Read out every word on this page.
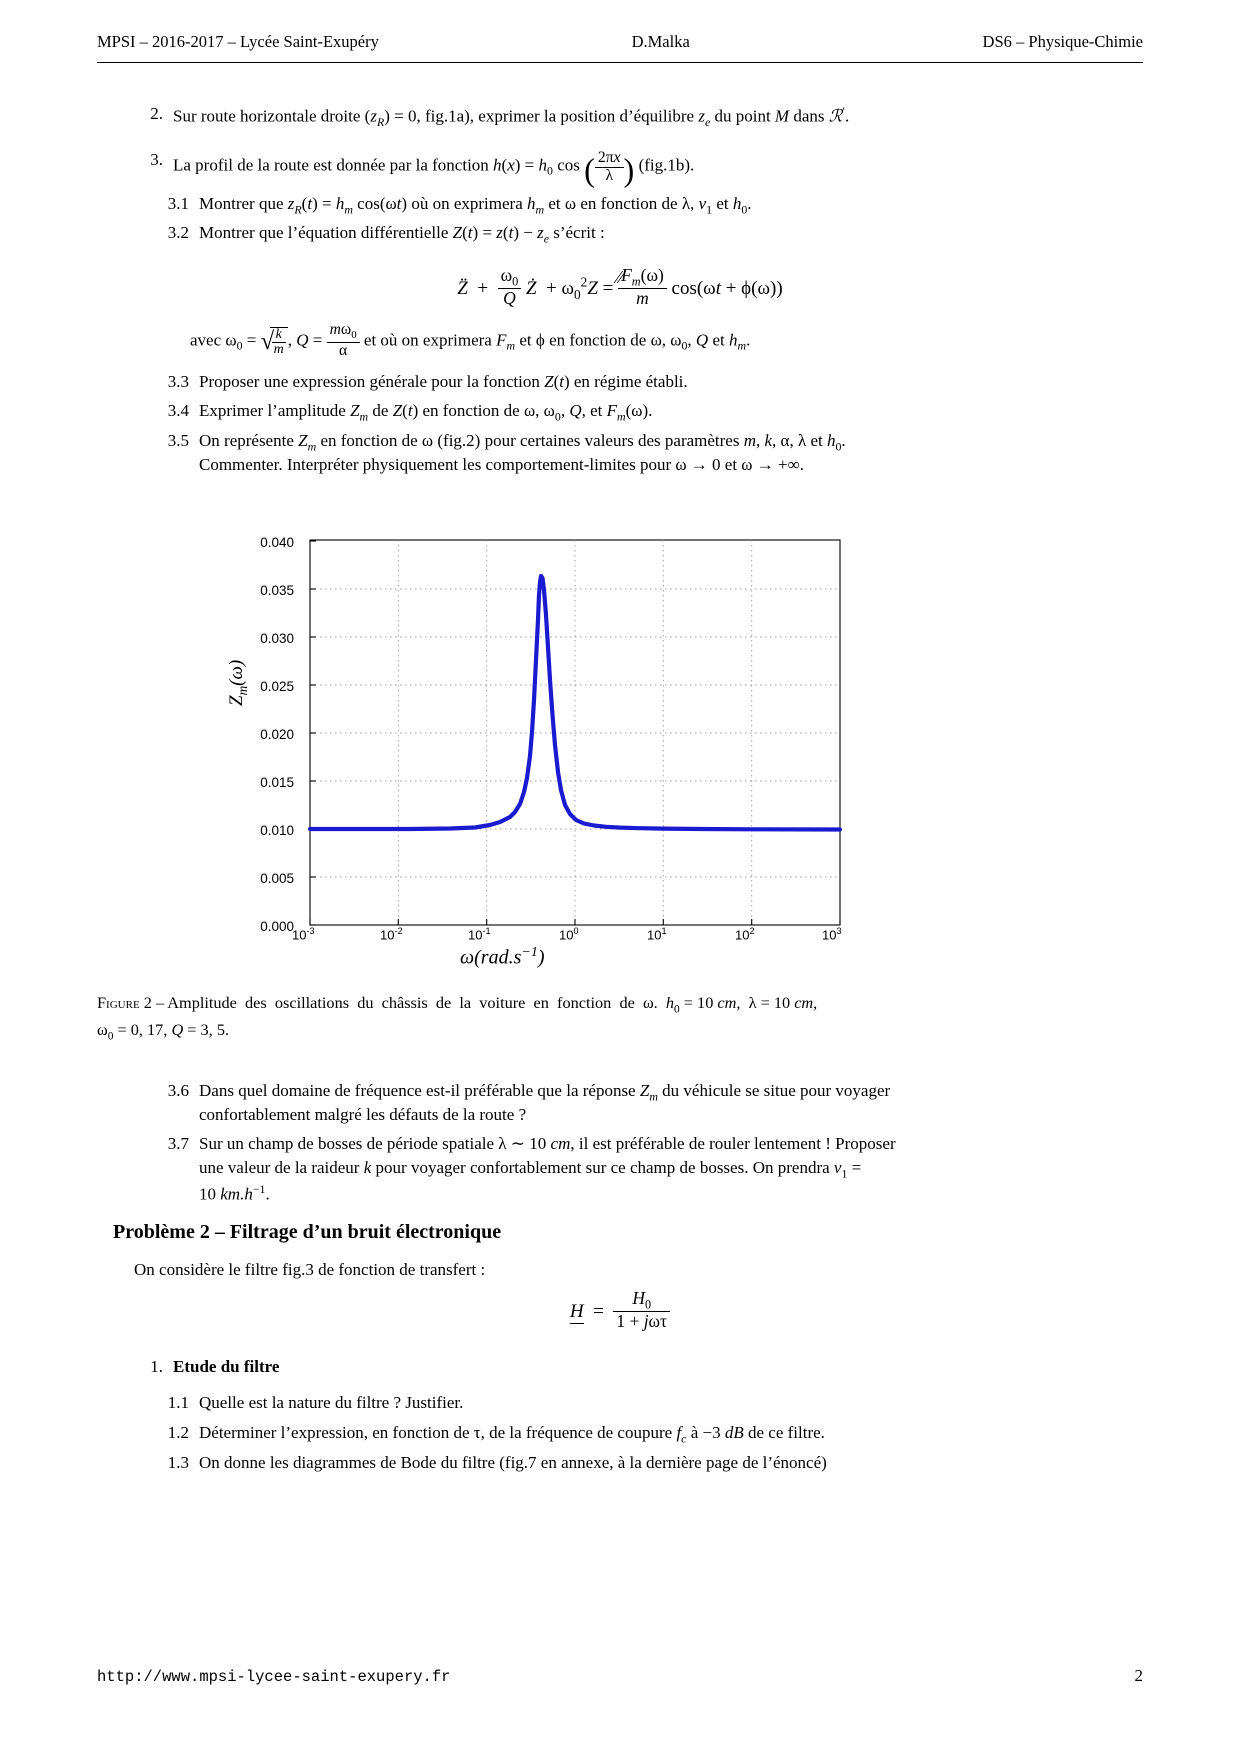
MPSI – 2016-2017 – Lycée Saint-Exupéry	D.Malka	DS6 – Physique-Chimie
2. Sur route horizontale droite $(z_R) = 0$, fig.1a), exprimer la position d’équilibre $z_e$ du point M dans ℛ′.
3. La profil de la route est donnée par la fonction $h(x) = h_0$ cos ( $\frac{2\pi x}{\lambda}$ ) (fig.1b).
3.1 Montrer que $z_R(t) = h_m$ cos(ωt) où on exprimera $h_m$ et ω en fonction de λ, $v_1$ et $h_0$.
3.2 Montrer que l’équation différentielle $Z(t) = z(t) - z_e$ s’écrit :
∕∕
Z̈̈  + $\frac{\omega_0}{Q}$ Ż  + $\omega_0^2Z = \frac{F_m(\omega)}{m} \cos(\omega t + \phi(\omega))$
avec $\omega_0$ = √ $\frac{k}{m}$ , $Q = \frac{m\omega_0}{\alpha}$ et où on exprimera $F_m$ et ϕ en fonction de ω, $\omega_0$, Q et $h_m$.
3.3 Proposer une expression générale pour la fonction Z(t) en régime établi.
3.4 Exprimer l’amplitude $Z_m$ de Z(t) en fonction de ω, $\omega_0$, Q, et $F_m(\omega)$.
3.5 On représente $Z_m$ en fonction de ω (fig.2) pour certaines valeurs des paramètres m, k, α, λ et $h_0$.
Commenter. Interpréter physiquement les comportement-limites pour ω → 0 et ω → +∞.
$Z_m(\omega)$
0.000
0.005
0.010
0.015
0.020
0.025
0.030
0.035
0.040
$10^{-3}$	$10^{-2}$	$10^{-1}$	$10^0$	$10^1$	$10^2$	$10^3$
$\omega(rad.s^{-1})$
Figure 2 – Amplitude  des  oscillations  du  châssis  de  la  voiture  en  fonction  de  ω.  $h_0 = 10$ cm,  λ = 10 cm,
$\omega_0 = 0$, 17, Q = 3, 5.
3.6 Dans quel domaine de fréquence est-il préférable que la réponse $Z_m$ du véhicule se situe pour voyager
confortablement malgré les défauts de la route ?
3.7 Sur un champ de bosses de période spatiale λ ∼ 10 cm, il est préférable de rouler lentement ! Proposer
une valeur de la raideur k pour voyager confortablement sur ce champ de bosses. On prendra $v_1$ =
10 $km.h^{-1}$.
Problème 2 – Filtrage d’un bruit électronique
On considère le filtre fig.3 de fonction de transfert :
$H = \frac{H_0}{\text{1 + jωτ}}$
1. Etude du filtre
1.1 Quelle est la nature du filtre ? Justifier.
1.2 Déterminer l’expression, en fonction de τ, de la fréquence de coupure $f_c$ à −3 dB de ce filtre.
1.3 On donne les diagrammes de Bode du filtre (fig.7 en annexe, à la dernière page de l’énoncé)
http://www.mpsi-lycee-saint-exupery.fr	2
